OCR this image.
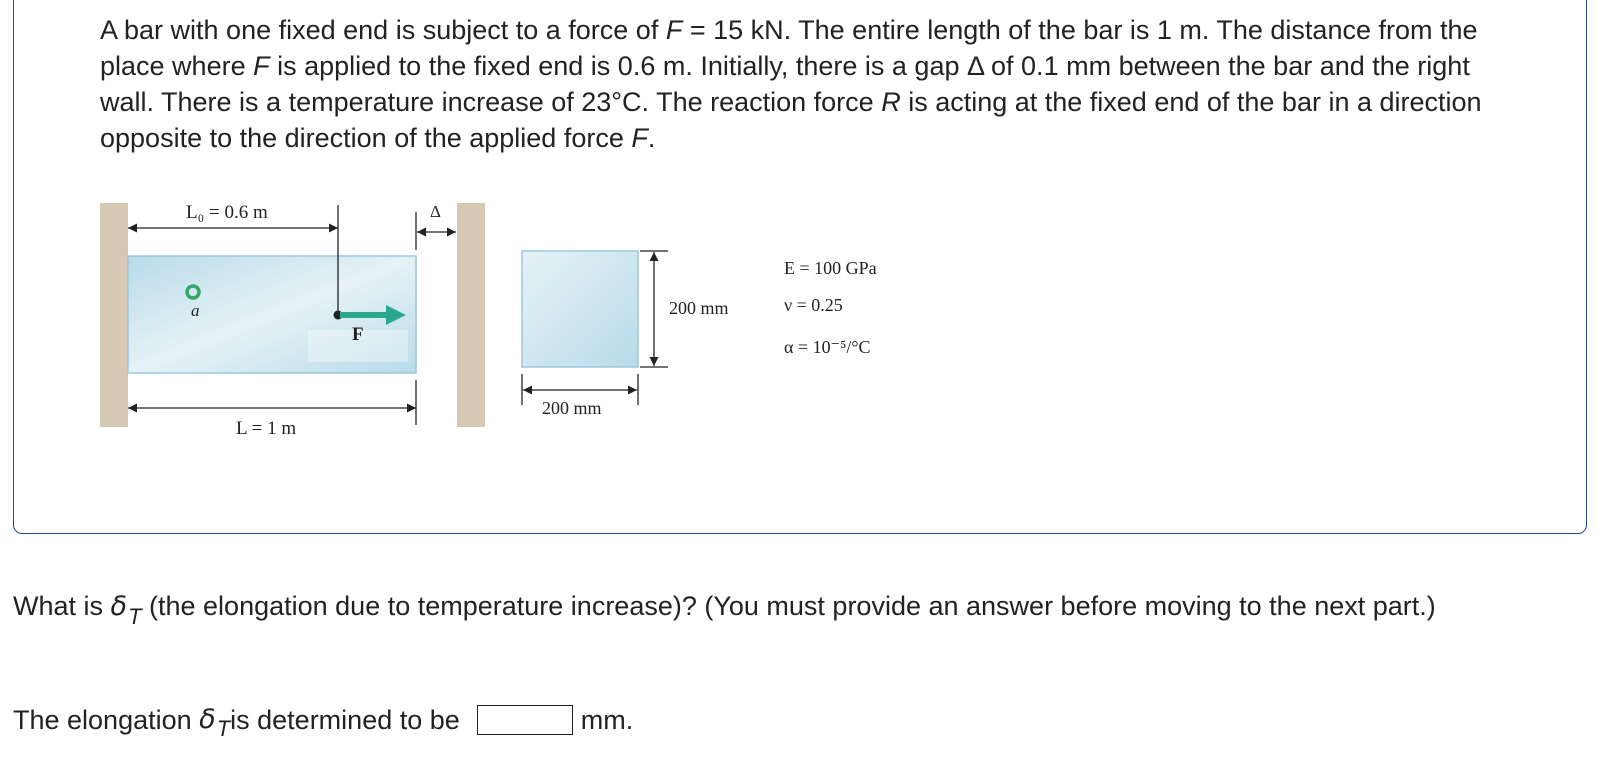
A bar with one fixed end is subject to a force of F = 15 kN. The entire length of the bar is 1 m. The distance from the place where F is applied to the fixed end is 0.6 m. Initially, there is a gap Δ of 0.1 mm between the bar and the right wall. There is a temperature increase of 23°C. The reaction force R is acting at the fixed end of the bar in a direction opposite to the direction of the applied force F.

L₀ = 0.6 m
F
a
Δ
L = 1 m
200 mm
200 mm
E = 100 GPa
ν = 0.25
α = 10⁻⁵/°C

What is $\delta_T$ (the elongation due to temperature increase)? (You must provide an answer before moving to the next part.)

The elongation
δ T is determined to be	mm.
